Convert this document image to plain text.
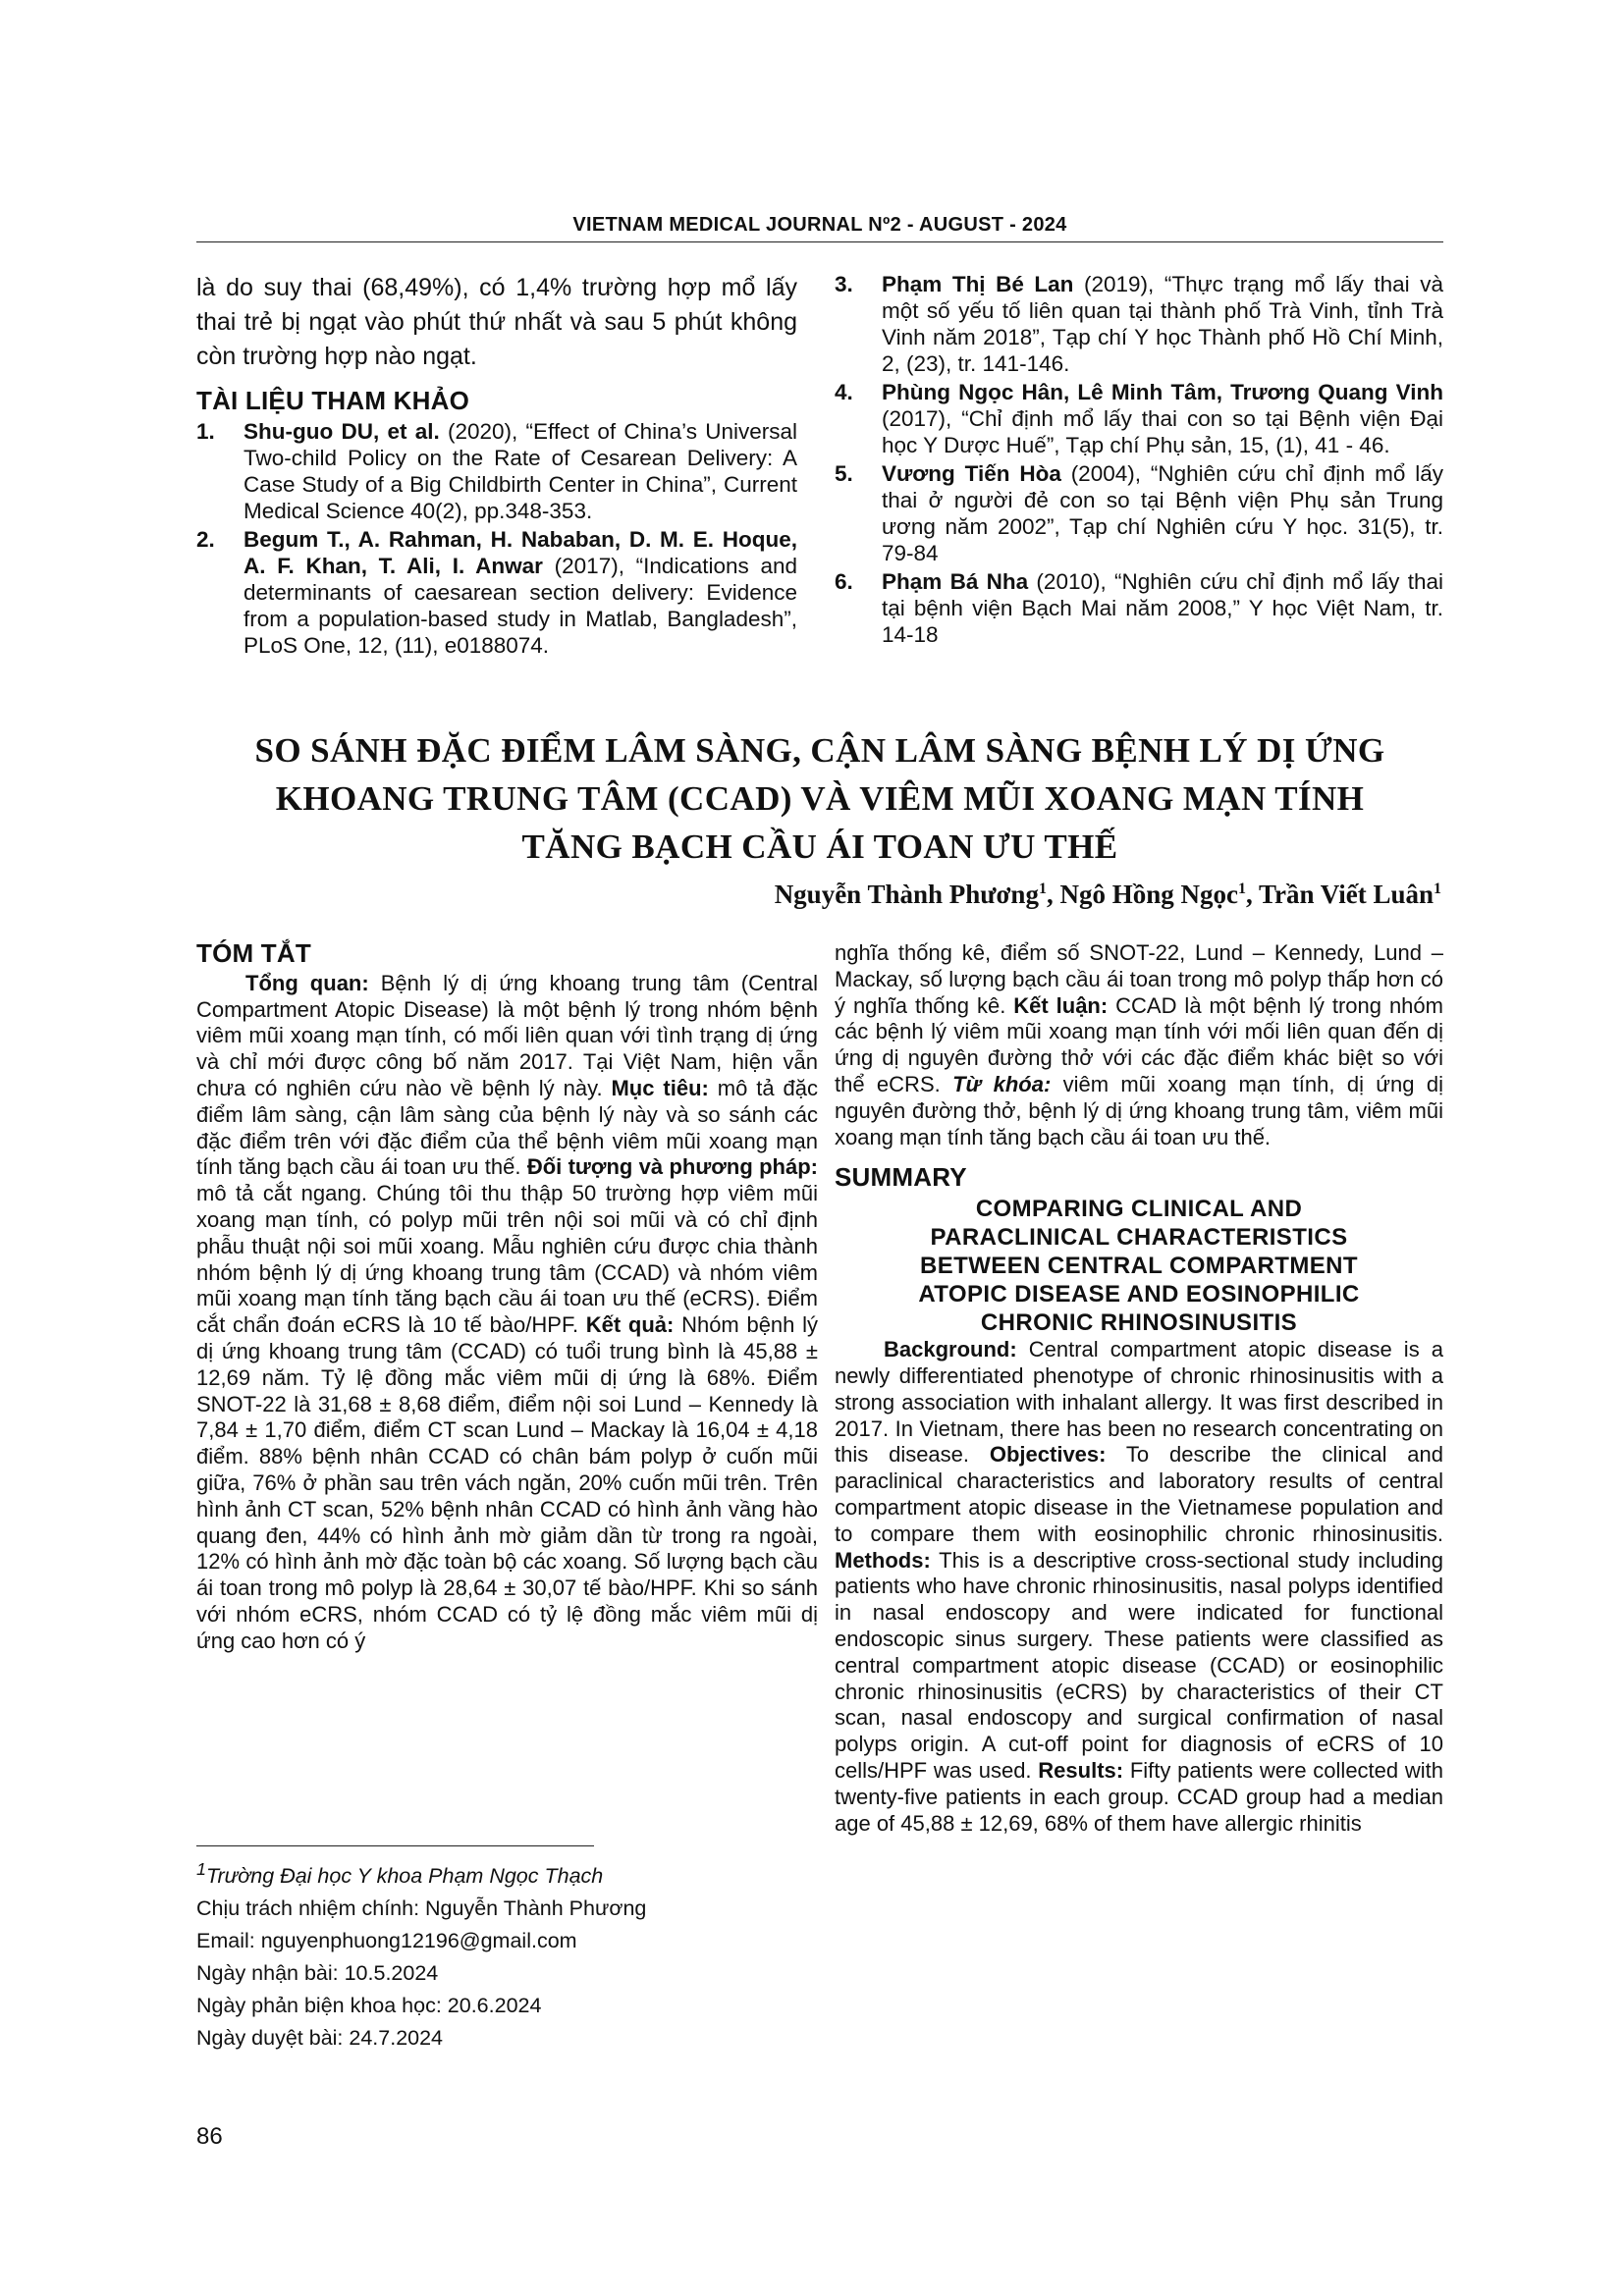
VIETNAM MEDICAL JOURNAL Nº2 - AUGUST - 2024

là do suy thai (68,49%), có 1,4% trường hợp mổ lấy thai trẻ bị ngạt vào phút thứ nhất và sau 5 phút không còn trường hợp nào ngạt.

TÀI LIỆU THAM KHẢO
1.	Shu-guo DU, et al. (2020), “Effect of China’s Universal Two-child Policy on the Rate of Cesarean Delivery: A Case Study of a Big Childbirth Center in China”, Current Medical Science 40(2), pp.348-353.
2.	Begum T., A. Rahman, H. Nababan, D. M. E. Hoque, A. F. Khan, T. Ali, I. Anwar (2017), “Indications and determinants of caesarean section delivery: Evidence from a population-based study in Matlab, Bangladesh”, PLoS One, 12, (11), e0188074.
3.	Phạm Thị Bé Lan (2019), “Thực trạng mổ lấy thai và một số yếu tố liên quan tại thành phố Trà Vinh, tỉnh Trà Vinh năm 2018”, Tạp chí Y học Thành phố Hồ Chí Minh, 2, (23), tr. 141-146.
4.	Phùng Ngọc Hân, Lê Minh Tâm, Trương Quang Vinh (2017), “Chỉ định mổ lấy thai con so tại Bệnh viện Đại học Y Dược Huế”, Tạp chí Phụ sản, 15, (1), 41 - 46.
5.	Vương Tiến Hòa (2004), “Nghiên cứu chỉ định mổ lấy thai ở người đẻ con so tại Bệnh viện Phụ sản Trung ương năm 2002”, Tạp chí Nghiên cứu Y học. 31(5), tr. 79-84
6.	Phạm Bá Nha (2010), “Nghiên cứu chỉ định mổ lấy thai tại bệnh viện Bạch Mai năm 2008,” Y học Việt Nam, tr. 14-18
SO SÁNH ĐẶC ĐIỂM LÂM SÀNG, CẬN LÂM SÀNG BỆNH LÝ DỊ ỨNG
KHOANG TRUNG TÂM (CCAD) VÀ VIÊM MŨI XOANG MẠN TÍNH
TĂNG BẠCH CẦU ÁI TOAN ƯU THẾ
Nguyễn Thành Phương$^1$, Ngô Hồng Ngọc$^1$, Trần Viết Luân$^1$
TÓM TẮT

Tổng quan: Bệnh lý dị ứng khoang trung tâm (Central Compartment Atopic Disease) là một bệnh lý trong nhóm bệnh viêm mũi xoang mạn tính, có mối liên quan với tình trạng dị ứng và chỉ mới được công bố năm 2017. Tại Việt Nam, hiện vẫn chưa có nghiên cứu nào về bệnh lý này. Mục tiêu: mô tả đặc điểm lâm sàng, cận lâm sàng của bệnh lý này và so sánh các đặc điểm trên với đặc điểm của thể bệnh viêm mũi xoang mạn tính tăng bạch cầu ái toan ưu thế. Đối tượng và phương pháp: mô tả cắt ngang. Chúng tôi thu thập 50 trường hợp viêm mũi xoang mạn tính, có polyp mũi trên nội soi mũi và có chỉ định phẫu thuật nội soi mũi xoang. Mẫu nghiên cứu được chia thành nhóm bệnh lý dị ứng khoang trung tâm (CCAD) và nhóm viêm mũi xoang mạn tính tăng bạch cầu ái toan ưu thế (eCRS). Điểm cắt chẩn đoán eCRS là 10 tế bào/HPF. Kết quả: Nhóm bệnh lý dị ứng khoang trung tâm (CCAD) có tuổi trung bình là 45,88 ± 12,69 năm. Tỷ lệ đồng mắc viêm mũi dị ứng là 68%. Điểm SNOT-22 là 31,68 ± 8,68 điểm, điểm nội soi Lund – Kennedy là 7,84 ± 1,70 điểm, điểm CT scan Lund – Mackay là 16,04 ± 4,18 điểm. 88% bệnh nhân CCAD có chân bám polyp ở cuốn mũi giữa, 76% ở phần sau trên vách ngăn, 20% cuốn mũi trên. Trên hình ảnh CT scan, 52% bệnh nhân CCAD có hình ảnh vầng hào quang đen, 44% có hình ảnh mờ giảm dần từ trong ra ngoài, 12% có hình ảnh mờ đặc toàn bộ các xoang. Số lượng bạch cầu ái toan trong mô polyp là 28,64 ± 30,07 tế bào/HPF. Khi so sánh với nhóm eCRS, nhóm CCAD có tỷ lệ đồng mắc viêm mũi dị ứng cao hơn có ý

nghĩa thống kê, điểm số SNOT-22, Lund – Kennedy, Lund – Mackay, số lượng bạch cầu ái toan trong mô polyp thấp hơn có ý nghĩa thống kê. Kết luận: CCAD là một bệnh lý trong nhóm các bệnh lý viêm mũi xoang mạn tính với mối liên quan đến dị ứng dị nguyên đường thở với các đặc điểm khác biệt so với thể eCRS. Từ khóa: viêm mũi xoang mạn tính, dị ứng dị nguyên đường thở, bệnh lý dị ứng khoang trung tâm, viêm mũi xoang mạn tính tăng bạch cầu ái toan ưu thế.

SUMMARY
COMPARING CLINICAL AND
PARACLINICAL CHARACTERISTICS
BETWEEN CENTRAL COMPARTMENT
ATOPIC DISEASE AND EOSINOPHILIC
CHRONIC RHINOSINUSITIS

Background: Central compartment atopic disease is a newly differentiated phenotype of chronic rhinosinusitis with a strong association with inhalant allergy. It was first described in 2017. In Vietnam, there has been no research concentrating on this disease. Objectives: To describe the clinical and paraclinical characteristics and laboratory results of central compartment atopic disease in the Vietnamese population and to compare them with eosinophilic chronic rhinosinusitis. Methods: This is a descriptive cross-sectional study including patients who have chronic rhinosinusitis, nasal polyps identified in nasal endoscopy and were indicated for functional endoscopic sinus surgery. These patients were classified as central compartment atopic disease (CCAD) or eosinophilic chronic rhinosinusitis (eCRS) by characteristics of their CT scan, nasal endoscopy and surgical confirmation of nasal polyps origin. A cut-off point for diagnosis of eCRS of 10 cells/HPF was used. Results: Fifty patients were collected with twenty-five patients in each group. CCAD group had a median age of 45,88 ± 12,69, 68% of them have allergic rhinitis

$^1$Trường Đại học Y khoa Phạm Ngọc Thạch
Chịu trách nhiệm chính: Nguyễn Thành Phương
Email: nguyenphuong12196@gmail.com
Ngày nhận bài: 10.5.2024
Ngày phản biện khoa học: 20.6.2024
Ngày duyệt bài: 24.7.2024
86
